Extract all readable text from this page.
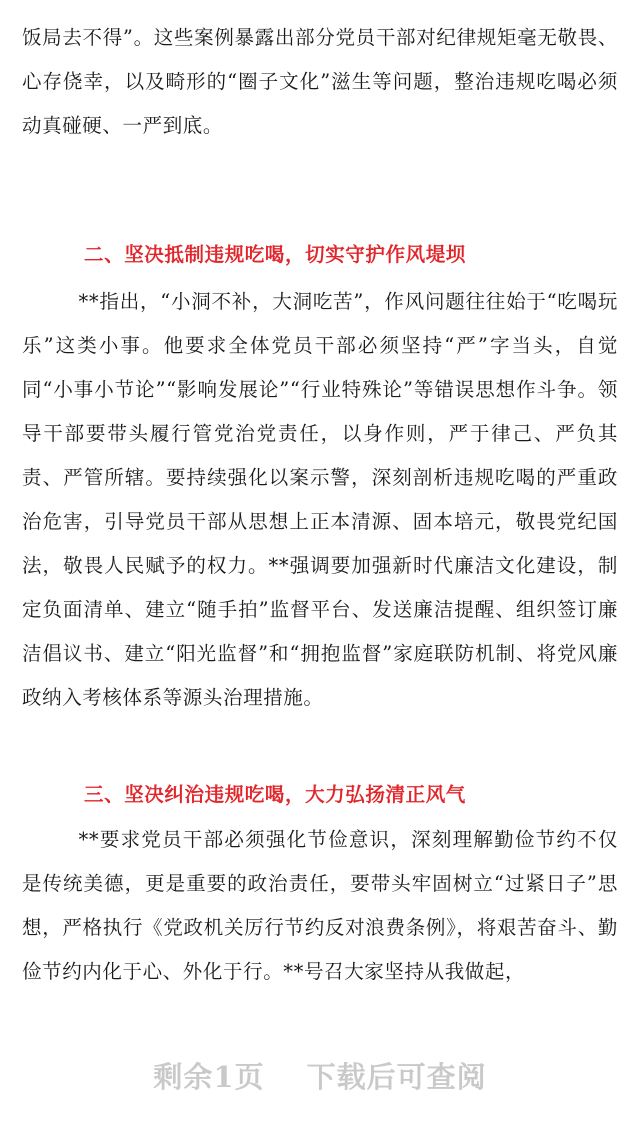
饭局去不得”。这些案例暴露出部分党员干部对纪律规矩毫无敬畏、心存侥幸，以及畸形的“圈子文化”滋生等问题，整治违规吃喝必须动真碰硬、一严到底。

二、坚决抵制违规吃喝，切实守护作风堤坝

**指出，“小洞不补，大洞吃苦”，作风问题往往始于“吃喝玩乐”这类小事。他要求全体党员干部必须坚持“严”字当头，自觉同“小事小节论”“影响发展论”“行业特殊论”等错误思想作斗争。领导干部要带头履行管党治党责任，以身作则，严于律己、严负其责、严管所辖。要持续强化以案示警，深刻剖析违规吃喝的严重政治危害，引导党员干部从思想上正本清源、固本培元，敬畏党纪国法，敬畏人民赋予的权力。**强调要加强新时代廉洁文化建设，制定负面清单、建立“随手拍”监督平台、发送廉洁提醒、组织签订廉洁倡议书、建立“阳光监督”和“拥抱监督”家庭联防机制、将党风廉政纳入考核体系等源头治理措施。

三、坚决纠治违规吃喝，大力弘扬清正风气

**要求党员干部必须强化节俭意识，深刻理解勤俭节约不仅是传统美德，更是重要的政治责任，要带头牢固树立“过紧日子”思想，严格执行《党政机关厉行节约反对浪费条例》，将艰苦奋斗、勤俭节约内化于心、外化于行。**号召大家坚持从我做起，

剩余1页 下载后可查阅
